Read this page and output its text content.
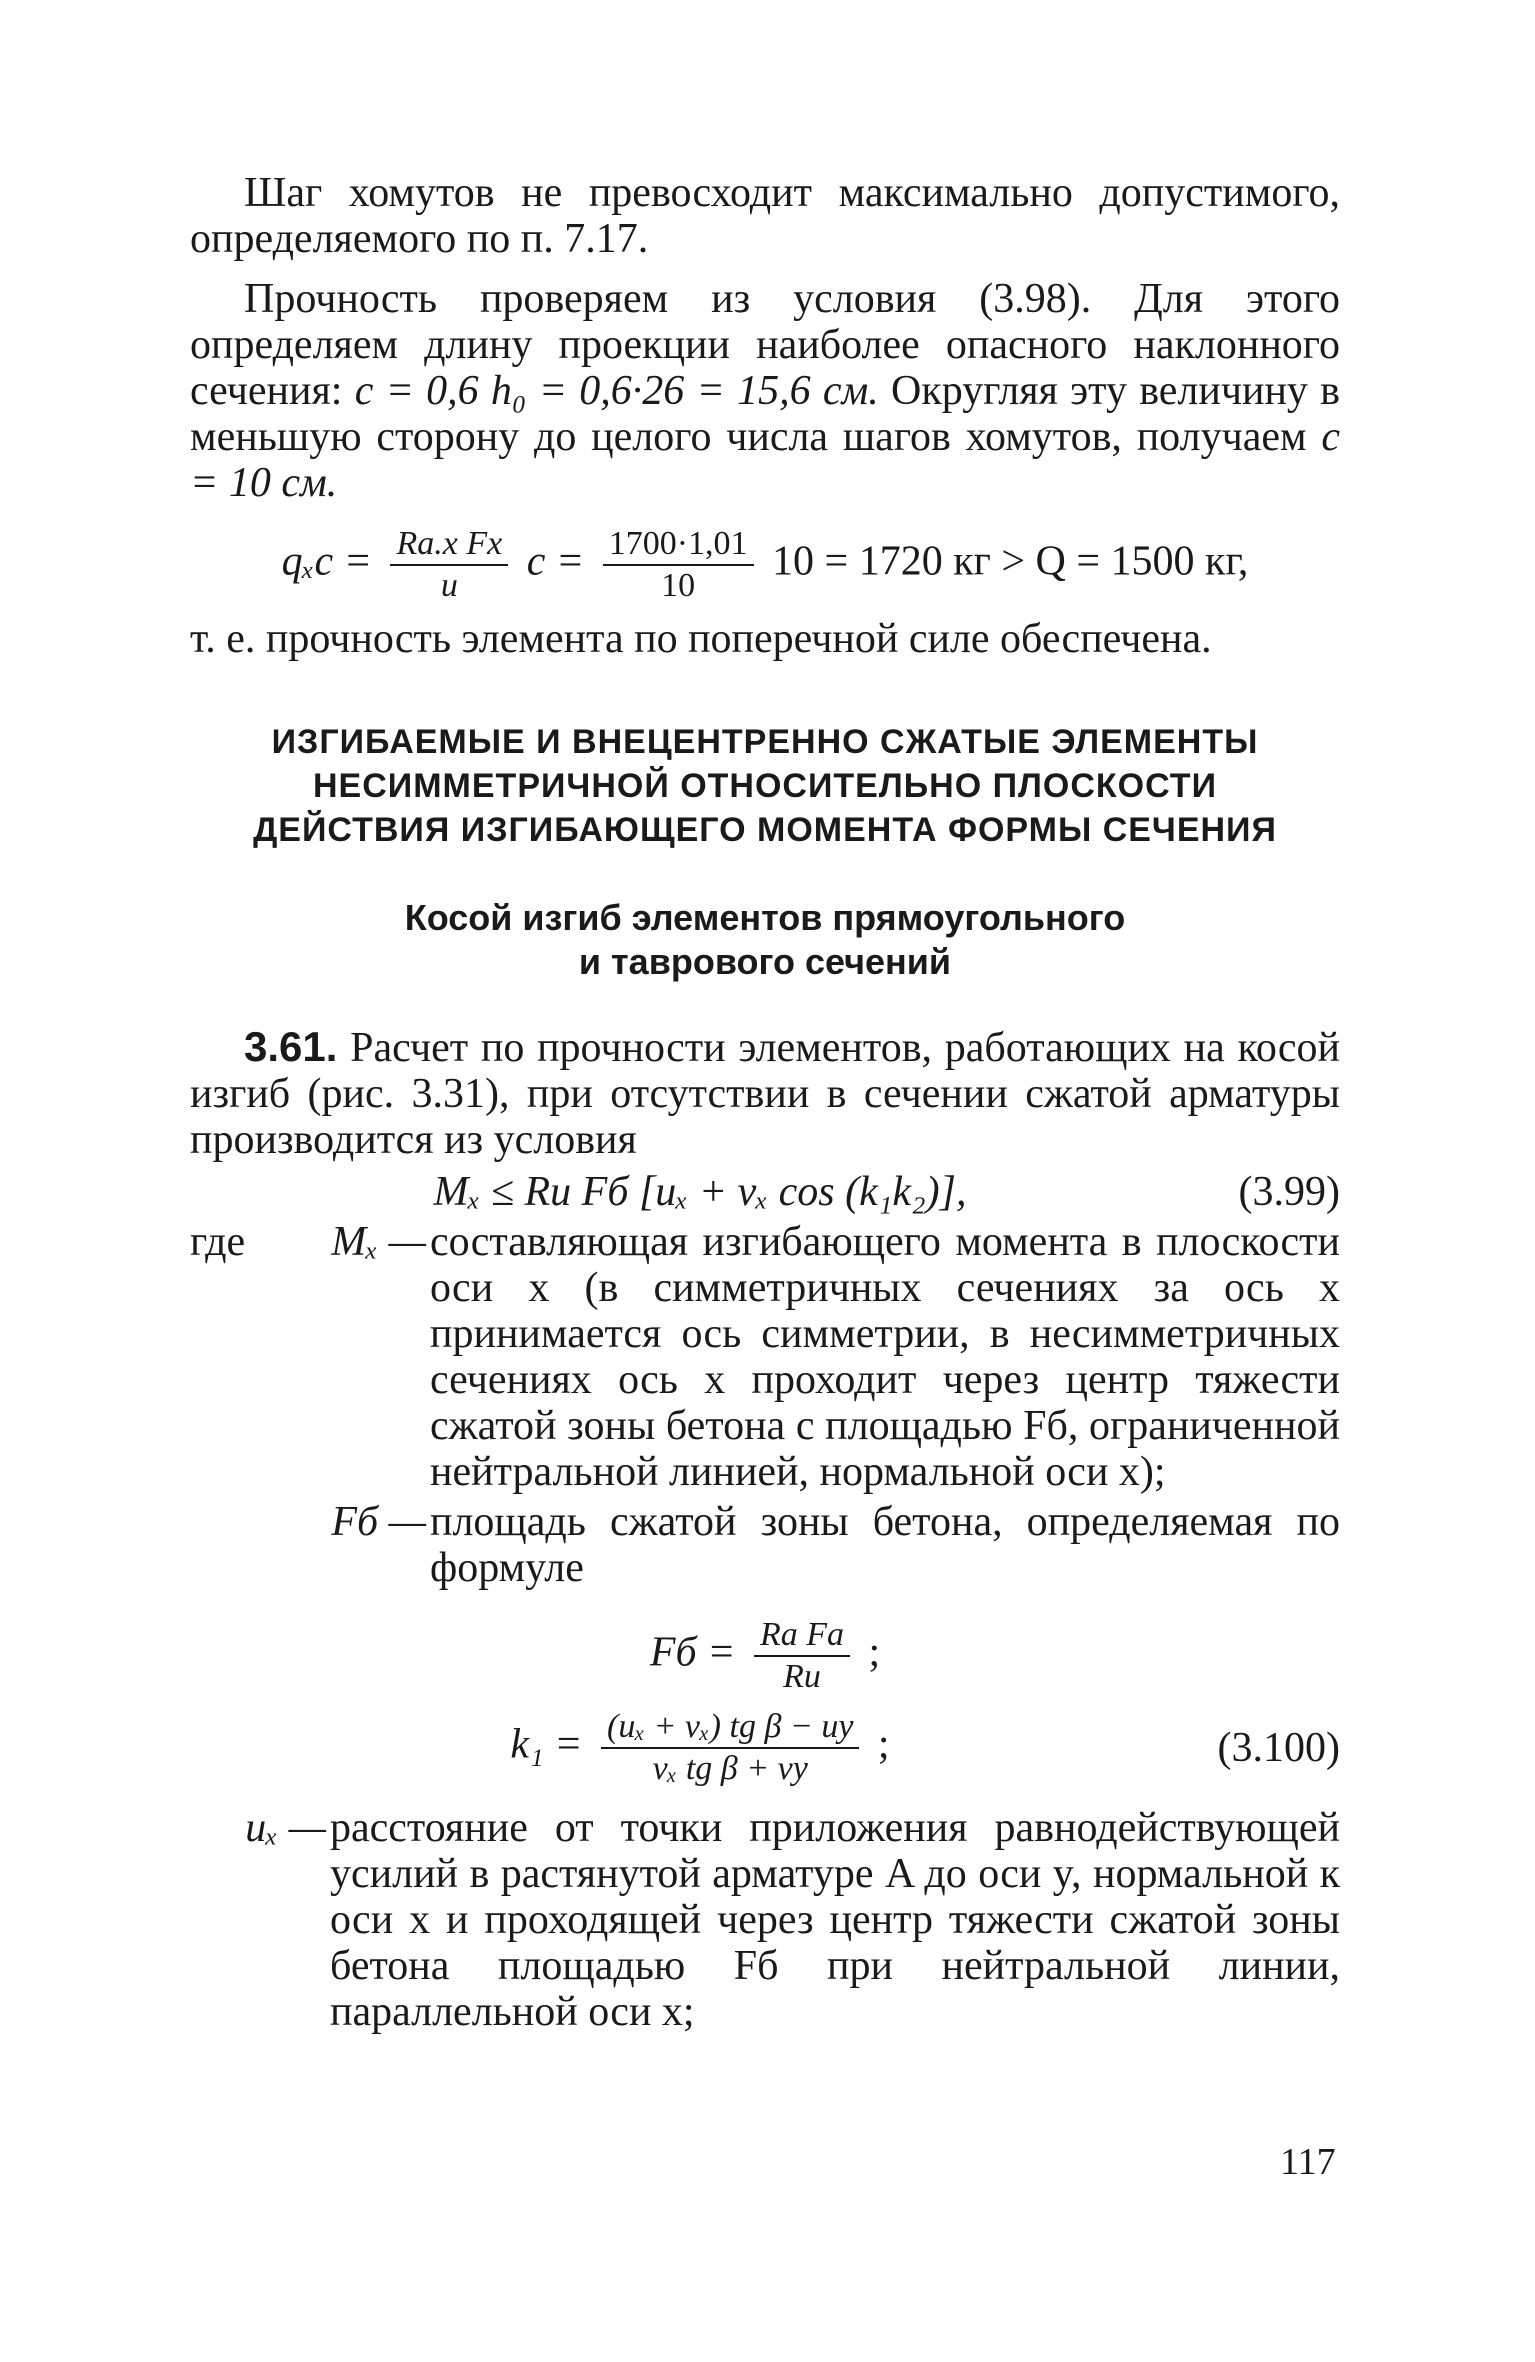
Шаг хомутов не превосходит максимально допустимого, определяемого по п. 7.17.

Прочность проверяем из условия (3.98). Для этого определяем длину проекции наиболее опасного наклонного сечения: c = 0,6 h₀ = 0,6·26 = 15,6 см. Округляя эту величину в меньшую сторону до целого числа шагов хомутов, получаем c = 10 см.

$q_xc = \frac{\text{Rа.х Fх}}{u}$ $c = \frac{1700\cdot 1,01}{10} 10 = 1720$ кг > Q = 1500 кг,

т. е. прочность элемента по поперечной силе обеспечена.

ИЗГИБАЕМЫЕ И ВНЕЦЕНТРЕННО СЖАТЫЕ ЭЛЕМЕНТЫ
НЕСИММЕТРИЧНОЙ ОТНОСИТЕЛЬНО ПЛОСКОСТИ
ДЕЙСТВИЯ ИЗГИБАЮЩЕГО МОМЕНТА ФОРМЫ СЕЧЕНИЯ
Косой изгиб элементов прямоугольного
и таврового сечений

3.61. Расчет по прочности элементов, работающих на косой изгиб (рис. 3.31), при отсутствии в сечении сжатой арматуры производится из условия

Mₓ ≤ Rи Fб [uₓ + vₓ cos (k₁k₂)],	(3.99)
где Mₓ — составляющая изгибающего момента в плоскости оси x (в симметричных сечениях за ось x принимается ось симметрии, в несимметричных сечениях ось x проходит через центр тяжести сжатой зоны бетона с площадью Fб, ограниченной нейтральной линией, нормальной оси x);
Fб — площадь сжатой зоны бетона, определяемая по формуле
Fб = $\frac{\text{Rа Fа}}{Rи}$ ;
$k_1 = \frac{\text{(uₓ + vₓ) tg β − uy}}{\text{vₓ tg β + vy}}$ ;	(3.100)
uₓ — расстояние от точки приложения равнодействующей усилий в растянутой арматуре A до оси y, нормальной к оси x и проходящей через центр тяжести сжатой зоны бетона площадью Fб при нейтральной линии, параллельной оси x;
117
